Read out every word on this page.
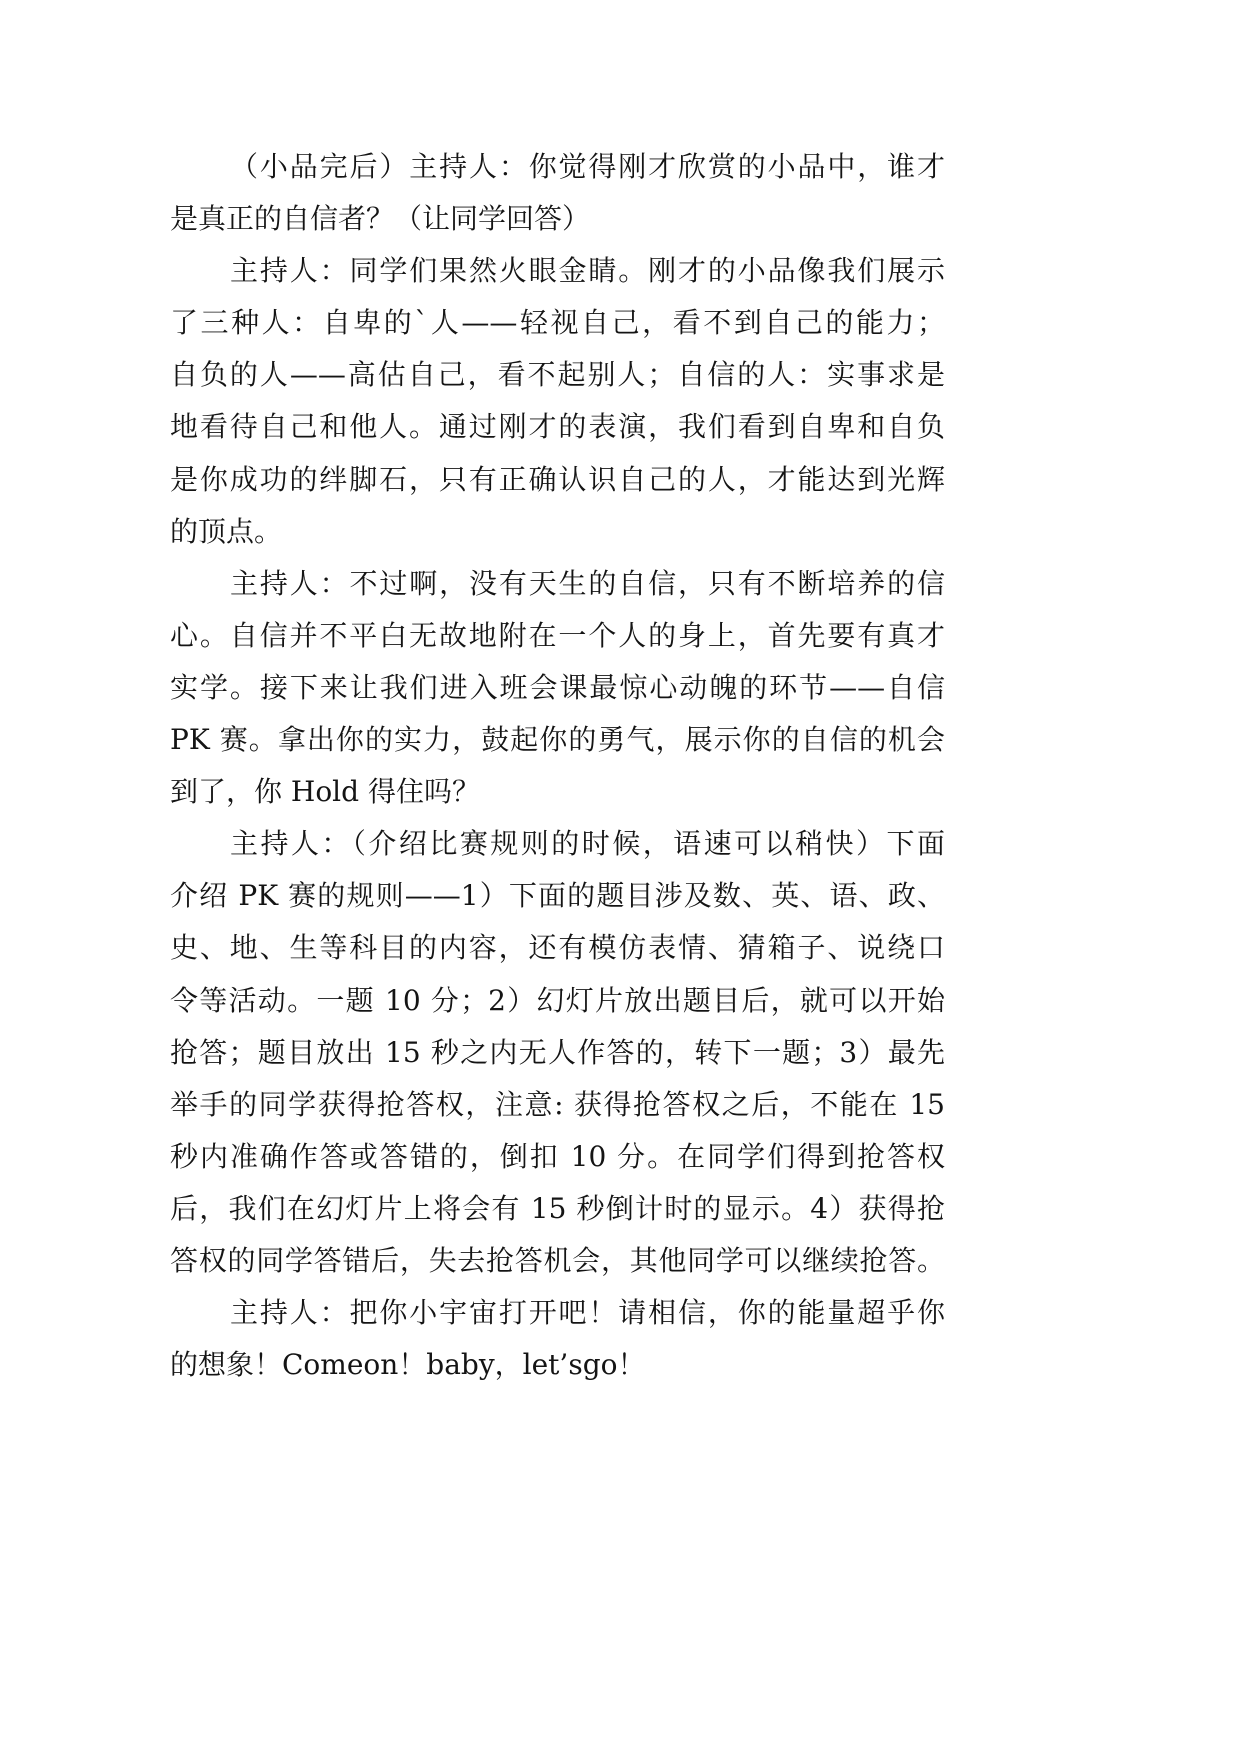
（小品完后）主持人：你觉得刚才欣赏的小品中，谁才
是真正的自信者？（让同学回答）
主持人：同学们果然火眼金睛。刚才的小品像我们展示
了三种人：自卑的`人——轻视自己，看不到自己的能力；
自负的人——高估自己，看不起别人；自信的人：实事求是
地看待自己和他人。通过刚才的表演，我们看到自卑和自负
是你成功的绊脚石，只有正确认识自己的人，才能达到光辉
的顶点。
主持人：不过啊，没有天生的自信，只有不断培养的信
心。自信并不平白无故地附在一个人的身上，首先要有真才
实学。接下来让我们进入班会课最惊心动魄的环节——自信
PK 赛。拿出你的实力，鼓起你的勇气，展示你的自信的机会
到了，你 Hold 得住吗？
主持人：（介绍比赛规则的时候，语速可以稍快）下面
介绍 PK 赛的规则——1）下面的题目涉及数、英、语、政、
史、地、生等科目的内容，还有模仿表情、猜箱子、说绕口
令等活动。一题 10 分；2）幻灯片放出题目后，就可以开始
抢答；题目放出 15 秒之内无人作答的，转下一题；3）最先
举手的同学获得抢答权，注意: 获得抢答权之后，不能在 15
秒内准确作答或答错的，倒扣 10 分。在同学们得到抢答权
后，我们在幻灯片上将会有 15 秒倒计时的显示。4）获得抢
答权的同学答错后，失去抢答机会，其他同学可以继续抢答。
主持人：把你小宇宙打开吧！请相信，你的能量超乎你
的想象！Comeon！baby，let’sgo！
